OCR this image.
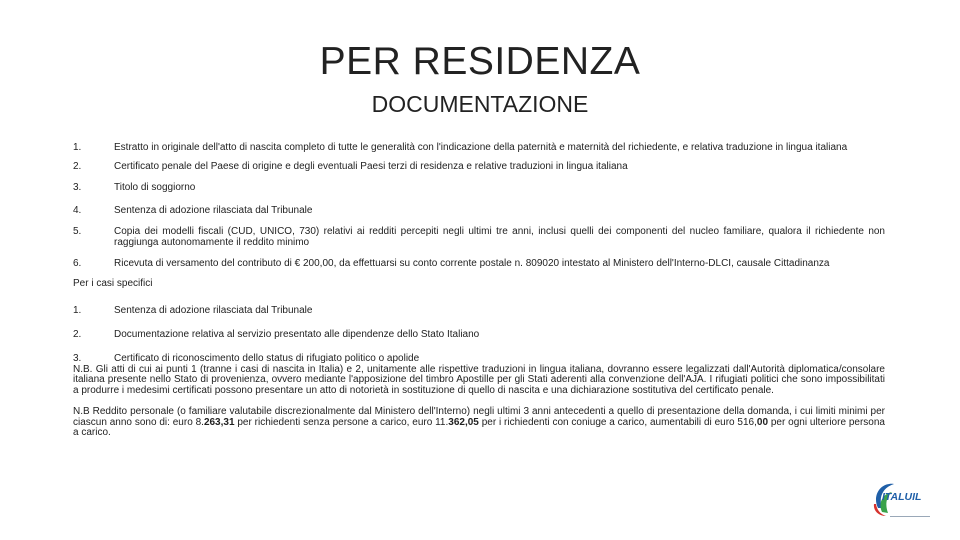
PER RESIDENZA
DOCUMENTAZIONE
1.	Estratto in originale dell'atto di nascita completo di tutte le generalità con l'indicazione della paternità e maternità del richiedente, e relativa traduzione in lingua italiana
2.	Certificato penale del Paese di origine e degli eventuali Paesi terzi di residenza e relative traduzioni in lingua italiana
3.	Titolo di soggiorno
4.	Sentenza di adozione rilasciata dal Tribunale
5.	Copia dei modelli fiscali (CUD, UNICO, 730) relativi ai redditi percepiti negli ultimi tre anni, inclusi quelli dei componenti del nucleo familiare, qualora il richiedente non raggiunga autonomamente il reddito minimo
6.	Ricevuta di versamento del contributo di € 200,00, da effettuarsi su conto corrente postale n. 809020 intestato al Ministero dell'Interno-DLCI, causale Cittadinanza
Per i casi specifici
1.	Sentenza di adozione rilasciata dal Tribunale
2.	Documentazione relativa al servizio presentato alle dipendenze dello Stato Italiano
3.	Certificato di riconoscimento dello status di rifugiato politico o apolide
N.B. Gli atti di cui ai punti 1 (tranne i casi di nascita in Italia) e 2, unitamente alle rispettive traduzioni in lingua italiana, dovranno essere legalizzati dall'Autorità diplomatica/consolare italiana presente nello Stato di provenienza, ovvero mediante l'apposizione del timbro Apostille per gli Stati aderenti alla convenzione dell'AJA. I rifugiati politici che sono impossibilitati a produrre i medesimi certificati possono presentare un atto di notorietà in sostituzione di quello di nascita e una dichiarazione sostitutiva del certificato penale.
N.B Reddito personale (o familiare valutabile discrezionalmente dal Ministero dell'Interno) negli ultimi 3 anni antecedenti a quello di presentazione della domanda, i cui limiti minimi per ciascun anno sono di: euro 8.263,31 per richiedenti senza persone a carico, euro 11.362,05 per i richiedenti con coniuge a carico, aumentabili di euro 516,00 per ogni ulteriore persona a carico.
ITALUIL
